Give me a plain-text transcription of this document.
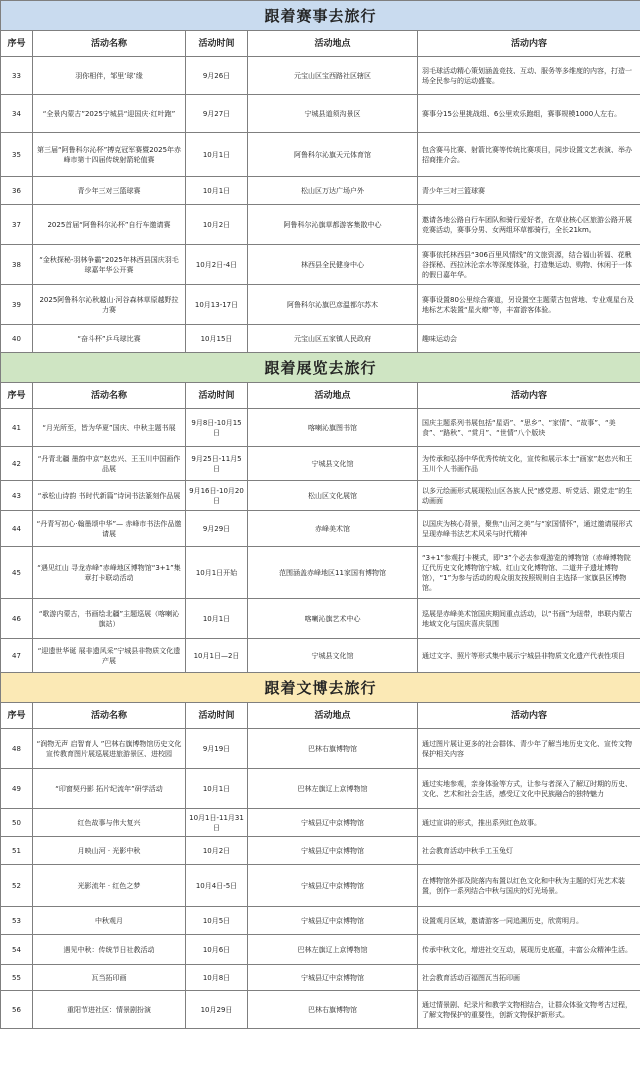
跟着赛事去旅行				
序号	活动名称	活动时间	活动地点	活动内容
33	羽你相伴，邹里‘球’缘	9月26日	元宝山区宝西路社区辖区	羽毛球活动精心策划涵盖竞技、互动、服务等多维度的内容，打造一场全民参与的运动盛宴。
34	“全景内蒙古”2025宁城县“迎国庆·红叶跑”	9月27日	宁城县道须沟景区	赛事分15公里挑战组、6公里欢乐跑组，赛事规模1000人左右。
35	第三届“阿鲁科尔沁杯”搏克冠军赛暨2025年赤峰市第十四届传统射箭轮值赛	10月1日	阿鲁科尔沁旗天元体育馆	包含赛马比赛、射箭比赛等传统比赛项目，同步设置文艺表演、举办招商推介会。
36	青少年三对三篮球赛	10月1日	松山区万达广场户外	青少年三对三篮球赛
37	2025首届“阿鲁科尔沁杯”自行车邀请赛	10月2日	阿鲁科尔沁旗草都游客集散中心	邀请各地公路自行车团队和骑行爱好者，在草业核心区旅游公路开展竞赛活动，赛事分男、女两组环草都骑行，全长21km。
38	“金秋探秘-羽林争霸”2025年林西县国庆羽毛球嘉年华公开赛	10月2日-4日	林西县全民健身中心	赛事依托林西县“306百里风情线”的文旅资源，结合福山祈福、花楸谷探秘、西拉沐沦亲水等深度体验，打造集运动、购物、休闲于一体的假日嘉年华。
39	2025阿鲁科尔沁秋越山·河谷森林草原越野拉力赛	10月13-17日	阿鲁科尔沁旗巴彦温都尔苏木	赛事设置80公里综合赛道，另设置空主题蒙古包营地、专业观星台及地标艺术装置“星火燎”等，丰富游客体验。
40	“奋斗杯”乒乓球比赛	10月15日	元宝山区五家镇人民政府	趣味运动会
跟着展览去旅行				
序号	活动名称	活动时间	活动地点	活动内容
41	“月光所至，皆为华夏”国庆、中秋主题书展	9月8日-10月15日	喀喇沁旗图书馆	国庆主题系列书展包括“星语”、“思乡”、“家情”、“故事”、“美食”、“路秋”、“赏月”、“世情”八个版块
42	“丹青北疆 墨韵中京”赵忠兴、王玉川中国画作品展	9月25日-11月5日	宁城县文化馆	为传承和弘扬中华优秀传统文化，宣传和展示本土“画家”赵忠兴和王玉川个人书画作品
43	“承松山诗韵 书时代新篇”诗词书法篆刻作品展	9月16日-10月20日	松山区文化展馆	以多元绘画形式展现松山区各族人民“感党恩、听党话、跟党走”的生动画面
44	“丹青写初心·翰墨颂中华”— 赤峰市书法作品邀请展	9月29日	赤峰美术馆	以国庆为核心背景，聚焦“山河之美”与“家国情怀”，通过邀请展形式呈现赤峰书法艺术风采与时代精神
45	“遇见红山 寻龙赤峰”赤峰地区博物馆“3+1”集章打卡联动活动	10月1日开始	范围涵盖赤峰地区11家国有博物馆	“3+1”参观打卡模式，即“3”个必去参观游览的博物馆（赤峰博物院辽代历史文化博物馆宁城、红山文化博物馆、二道井子遗址博物馆），“1”为参与活动的观众朋友按照规则自主选择一家旗县区博物馆。
46	“歌游内蒙古，书画绘北疆”主题巡展（喀喇沁旗站）	10月1日	喀喇沁旗艺术中心	巡展是赤峰美术馆国庆期间重点活动，以“书画”为纽带，串联内蒙古地域文化与国庆喜庆氛围
47	“迎遗世华诞 展非遗风采”宁城县非物质文化遗产展	10月1日—2日	宁城县文化馆	通过文字、照片等形式集中展示宁城县非物质文化遗产代表性项目
跟着文博去旅行				
序号	活动名称	活动时间	活动地点	活动内容
48	“润物无声 启智育人 ”巴林右旗博物馆历史文化宣传教育图片展巡展进旅游景区、进校园	9月19日	巴林右旗博物馆	通过图片展让更多的社会群体、青少年了解当地历史文化、宣传文物保护相关内容
49	“印窗契丹影 拓片纪流年”研学活动	10月1日	巴林左旗辽上京博物馆	通过实地参观，亲身体验等方式，让参与者深入了解辽时期的历史、文化、艺术和社会生活，感受辽文化中民族融合的独特魅力
50	红色故事与伟大复兴	10月1日-11月31日	宁城县辽中京博物馆	通过宣讲的形式，推出系列红色故事。
51	月映山河 · 光影中秋	10月2日	宁城县辽中京博物馆	社会教育活动中秋手工玉兔灯
52	光影流年 · 红色之梦	10月4日-5日	宁城县辽中京博物馆	在博物馆外部及院落内布置以红色文化和中秋为主题的灯光艺术装置，创作一系列结合中秋与国庆的灯光场景。
53	中秋观月	10月5日	宁城县辽中京博物馆	设置观月区域，邀请游客一同追溯历史，欣赏明月。
54	遇见中秋：传统节日社教活动	10月6日	巴林左旗辽上京博物馆	传承中秋文化，增进社交互动，展现历史底蕴，丰富公众精神生活。
55	瓦当拓印画	10月8日	宁城县辽中京博物馆	社会教育活动百福图瓦当拓印画
56	重阳节进社区：情景剧扮演	10月29日	巴林右旗博物馆	通过情景剧、纪录片和教学文物相结合，让群众体验文物考古过程，了解文物保护的重要性，创新文物保护新形式。
